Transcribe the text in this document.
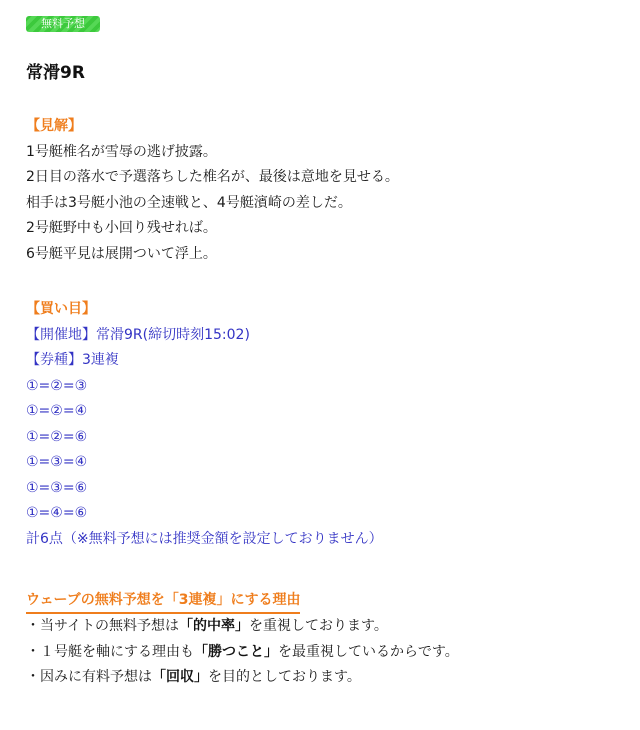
無料予想
常滑9R
【見解】
1号艇椎名が雪辱の逃げ披露。
2日目の落水で予選落ちした椎名が、最後は意地を見せる。
相手は3号艇小池の全速戦と、4号艇濱崎の差しだ。
2号艇野中も小回り残せれば。
6号艇平見は展開ついて浮上。
【買い目】
【開催地】常滑9R(締切時刻15:02)
【券種】3連複
①=②=③
①=②=④
①=②=⑥
①=③=④
①=③=⑥
①=④=⑥
計6点（※無料予想には推奨金額を設定しておりません）
ウェーブの無料予想を「3連複」にする理由
・当サイトの無料予想は「的中率」を重視しております。
・１号艇を軸にする理由も「勝つこと」を最重視しているからです。
・因みに有料予想は「回収」を目的としております。
